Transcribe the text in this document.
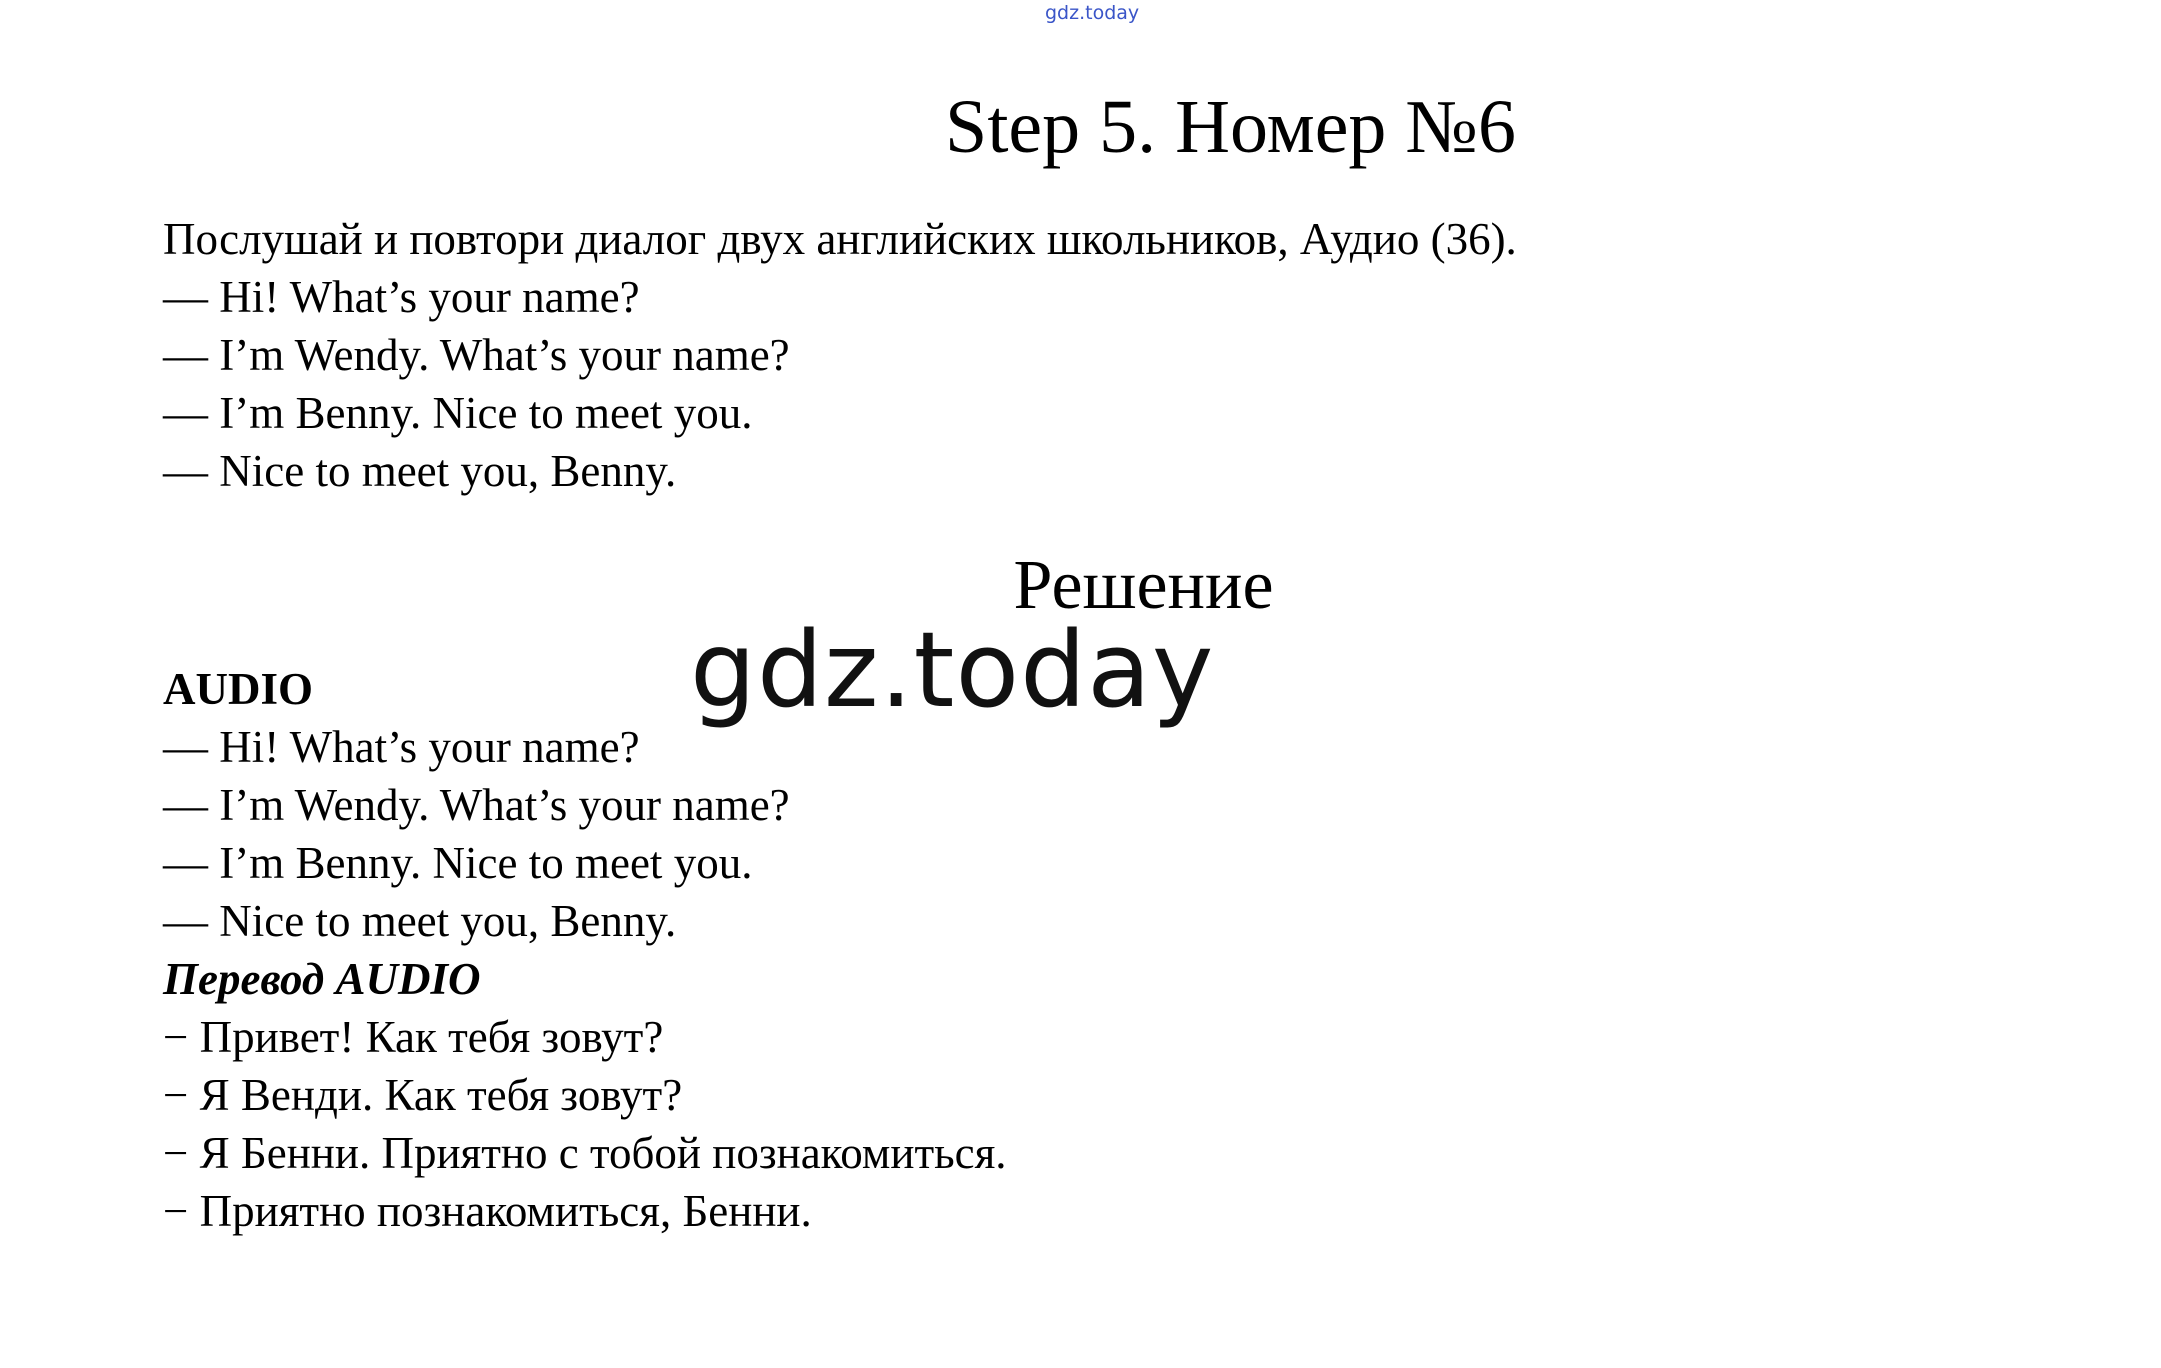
gdz.today
Step 5. Номер №6

Послушай и повтори диалог двух английских школьников, Аудио (36).

— Hi! What’s your name?

— I’m Wendy. What’s your name?

— I’m Benny. Nice to meet you.

— Nice to meet you, Benny.

Решение
gdz.today

AUDIO

— Hi! What’s your name?

— I’m Wendy. What’s your name?

— I’m Benny. Nice to meet you.

— Nice to meet you, Benny.

Перевод AUDIO

− Привет! Как тебя зовут?

− Я Венди. Как тебя зовут?

− Я Бенни. Приятно с тобой познакомиться.

− Приятно познакомиться, Бенни.
